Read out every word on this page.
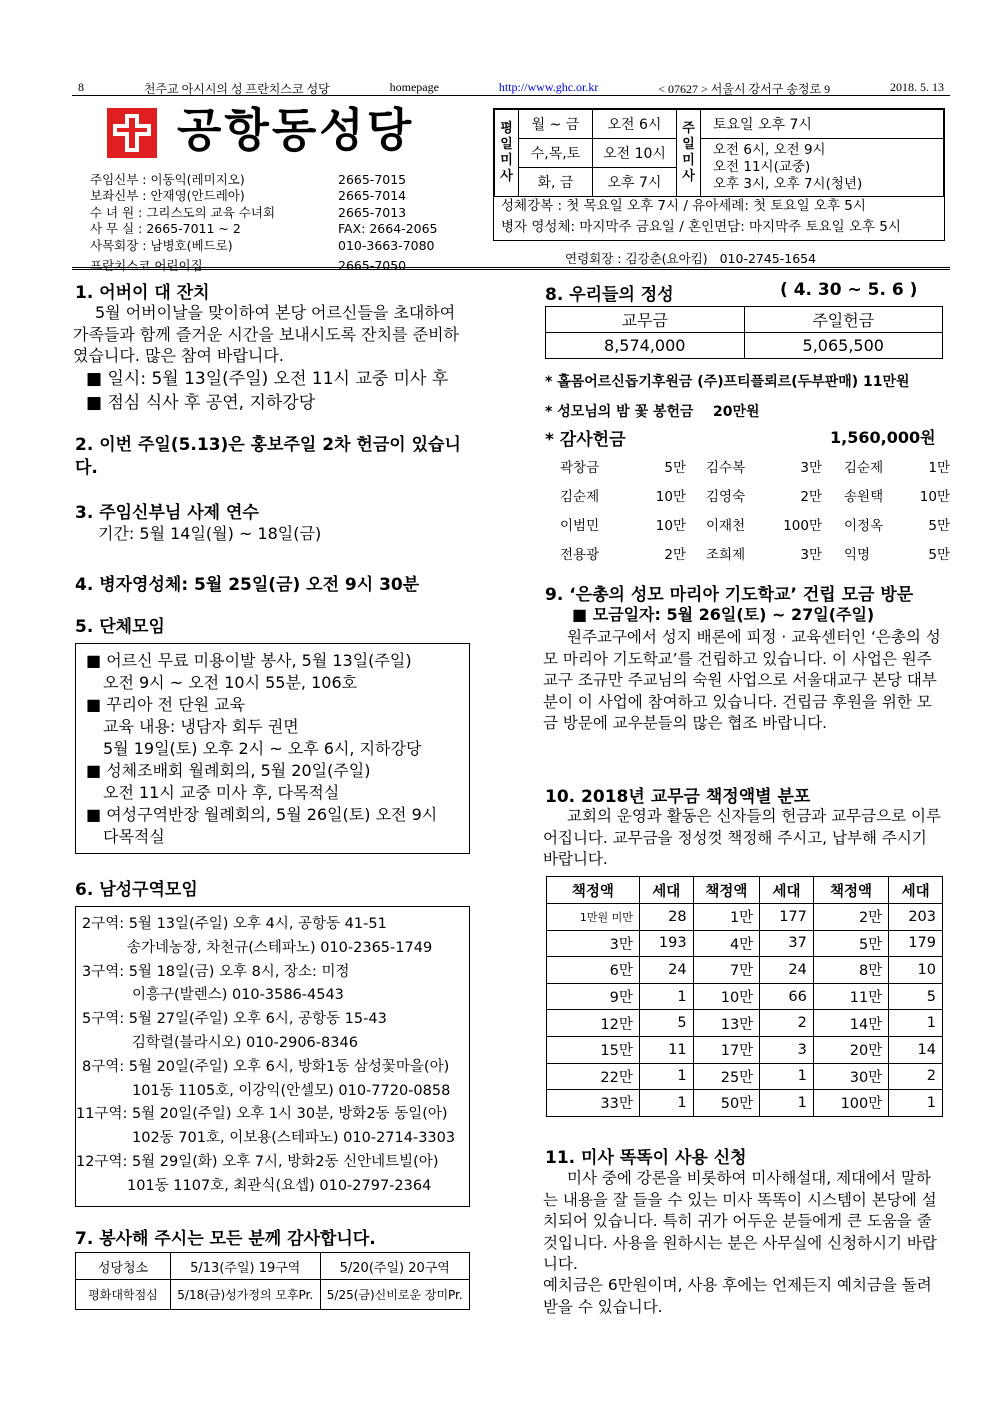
8	천주교 아시시의 성 프란치스코 성당	homepage	http://www.ghc.or.kr	< 07627 > 서울시 강서구 송정로 9	2018. 5. 13
공항동성당
주임신부 : 이동익(레미지오)	2665-7015
보좌신부 : 안재영(안드레아)	2665-7014
수 녀 원 : 그리스도의 교육 수녀회	2665-7013
사 무 실 : 2665-7011 ~ 2	FAX: 2664-2065
사목회장 : 남병호(베드로)	010-3663-7080
프란치스코 어린이집	2665-7050	연령회장 : 김강춘(요아킴)   010-2745-1654
평일미사	월 ~ 금	오전 6시	주일미사	토요일 오후 7시
	수,목,토	오전 10시		오전 6시, 오전 9시
오전 11시(교중)
오후 3시, 오후 7시(청년)

	화, 금	오후 7시		
성체강복 : 첫 목요일 오후 7시 / 유아세례: 첫 토요일 오후 5시
병자 영성체: 마지막주 금요일 / 혼인면담: 마지막주 토요일 오후 5시
1. 어버이 대 잔치
5월 어버이날을 맞이하여 본당 어르신들을 초대하여 가족들과 함께 즐거운 시간을 보내시도록 잔치를 준비하였습니다. 많은 참여 바랍니다.
■ 일시: 5월 13일(주일) 오전 11시 교중 미사 후
■ 점심 식사 후 공연, 지하강당
2. 이번 주일(5.13)은 홍보주일 2차 헌금이 있습니다.
3. 주임신부님 사제 연수
기간: 5월 14일(월) ~ 18일(금)
4. 병자영성체: 5월 25일(금) 오전 9시 30분
5. 단체모임
■ 어르신 무료 미용이발 봉사, 5월 13일(주일)
오전 9시 ~ 오전 10시 55분, 106호
■ 꾸리아 전 단원 교육
교육 내용: 냉담자 회두 권면
5월 19일(토) 오후 2시 ~ 오후 6시, 지하강당
■ 성체조배회 월례회의, 5월 20일(주일)
오전 11시 교중 미사 후, 다목적실
■ 여성구역반장 월례회의, 5월 26일(토) 오전 9시
다목적실
6. 남성구역모임
2구역: 5월 13일(주일) 오후 4시, 공항동 41-51
송가네농장, 차천규(스테파노) 010-2365-1749
3구역: 5월 18일(금) 오후 8시, 장소: 미정
이흥구(발렌스) 010-3586-4543
5구역: 5월 27일(주일) 오후 6시, 공항동 15-43
김학렬(블라시오) 010-2906-8346
8구역: 5월 20일(주일) 오후 6시, 방화1동 삼성꽃마을(아)
101동 1105호, 이강익(안셀모) 010-7720-0858
11구역: 5월 20일(주일) 오후 1시 30분, 방화2동 동일(아)
102동 701호, 이보용(스테파노) 010-2714-3303
12구역: 5월 29일(화) 오후 7시, 방화2동 신안네트빌(아)
101동 1107호, 최관식(요셉) 010-2797-2364
7. 봉사해 주시는 모든 분께 감사합니다.
성당청소	5/13(주일) 19구역	5/20(주일) 20구역
평화대학점심	5/18(금)성가정의 모후Pr.	5/25(금)신비로운 장미Pr.
8. 우리들의 정성	( 4. 30 ~ 5. 6 )
교무금	주일헌금
8,574,000	5,065,500
* 홀몸어르신돕기후원금 (주)프티플뢰르(두부판매) 11만원
* 성모님의 밤 꽃 봉헌금    20만원
* 감사헌금	1,560,000원
곽창금	5만	김수복	3만	김순제	1만
김순제	10만	김영숙	2만	송원택	10만
이범민	10만	이재천	100만	이정옥	5만
전용광	2만	조희제	3만	익명	5만
9. ‘은총의 성모 마리아 기도학교’ 건립 모금 방문
■ 모금일자: 5월 26일(토) ~ 27일(주일)
원주교구에서 성지 배론에 피정 · 교육센터인 ‘은총의 성모 마리아 기도학교’를 건립하고 있습니다. 이 사업은 원주교구 조규만 주교님의 숙원 사업으로 서울대교구 본당 대부분이 이 사업에 참여하고 있습니다. 건립금 후원을 위한 모금 방문에 교우분들의 많은 협조 바랍니다.
10. 2018년 교무금 책정액별 분포
교회의 운영과 활동은 신자들의 헌금과 교무금으로 이루어집니다. 교무금을 정성껏 책정해 주시고, 납부해 주시기 바랍니다.
책정액	세대	책정액	세대	책정액	세대
1만원 미만	28	1만	177	2만	203
3만	193	4만	37	5만	179
6만	24	7만	24	8만	10
9만	1	10만	66	11만	5
12만	5	13만	2	14만	1
15만	11	17만	3	20만	14
22만	1	25만	1	30만	2
33만	1	50만	1	100만	1
11. 미사 똑똑이 사용 신청
미사 중에 강론을 비롯하여 미사해설대, 제대에서 말하는 내용을 잘 들을 수 있는 미사 똑똑이 시스템이 본당에 설치되어 있습니다. 특히 귀가 어두운 분들에게 큰 도움을 줄 것입니다. 사용을 원하시는 분은 사무실에 신청하시기 바랍니다.
예치금은 6만원이며, 사용 후에는 언제든지 예치금을 돌려받을 수 있습니다.
